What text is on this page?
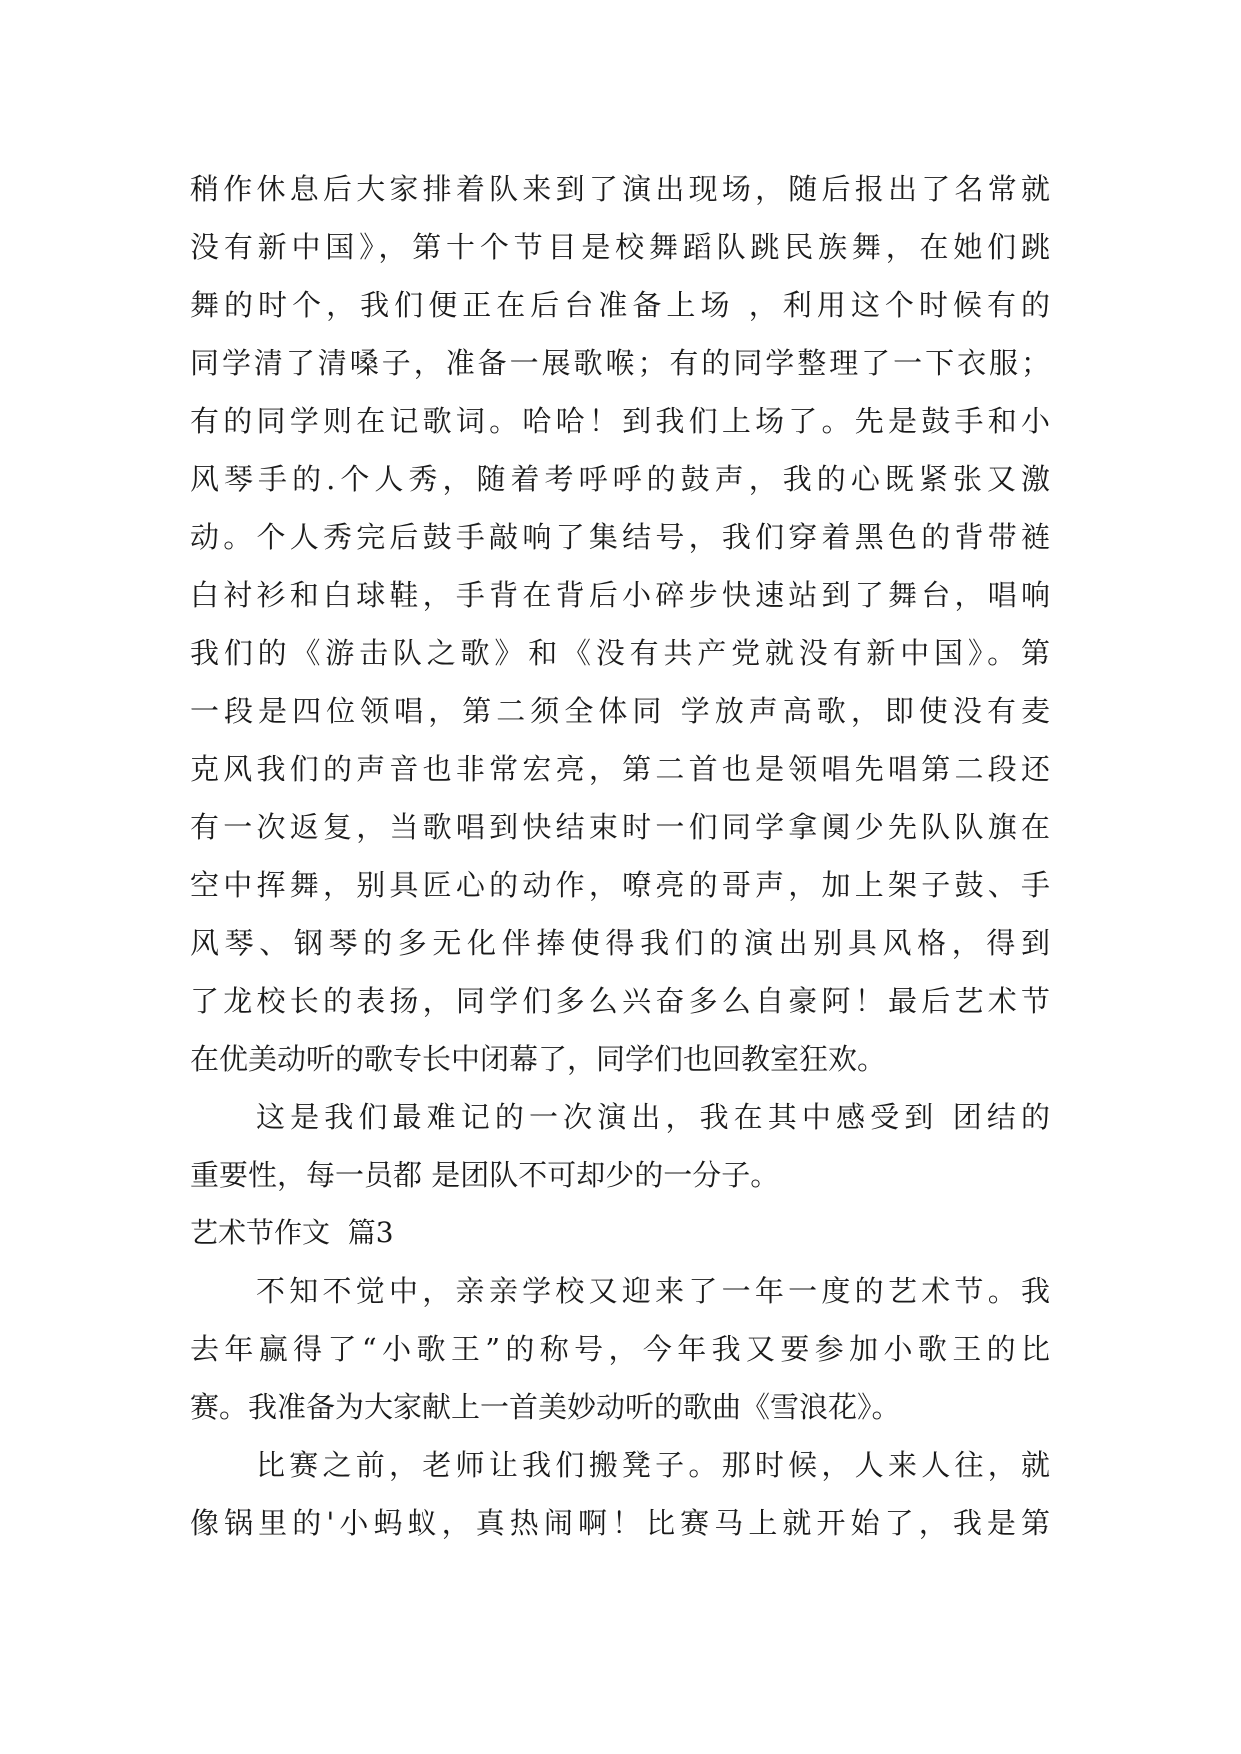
稍作休息后大家排着队来到了演出现场，随后报出了名常就
没有新中国》，第十个节目是校舞蹈队跳民族舞，在她们跳
舞的时个，我们便正在后台准备上场 ，利用这个时候有的
同学清了清嗓子，准备一展歌喉；有的同学整理了一下衣服；
有的同学则在记歌词。哈哈！到我们上场了。先是鼓手和小
风琴手的.个人秀，随着考呼呼的鼓声，我的心既紧张又激
动。个人秀完后鼓手敲响了集结号，我们穿着黑色的背带裢
白衬衫和白球鞋，手背在背后小碎步快速站到了舞台，唱响
我们的《游击队之歌》和《没有共产党就没有新中国》。第
一段是四位领唱，第二须全体同 学放声高歌，即使没有麦
克风我们的声音也非常宏亮，第二首也是领唱先唱第二段还
有一次返复，当歌唱到快结束时一们同学拿阒少先队队旗在
空中挥舞，别具匠心的动作，嘹亮的哥声，加上架子鼓、手
风琴、钢琴的多无化伴捧使得我们的演出别具风格，得到
了龙校长的表扬，同学们多么兴奋多么自豪阿！最后艺术节
在优美动听的歌专长中闭幕了，同学们也回教室狂欢。
这是我们最难记的一次演出，我在其中感受到 团结的
重要性，每一员都 是团队不可却少的一分子。
艺术节作文  篇3
不知不觉中，亲亲学校又迎来了一年一度的艺术节。我
去年赢得了“小歌王”的称号，今年我又要参加小歌王的比
赛。我准备为大家献上一首美妙动听的歌曲《雪浪花》。
比赛之前，老师让我们搬凳子。那时候，人来人往，就
像锅里的'小蚂蚁，真热闹啊！比赛马上就开始了，我是第
